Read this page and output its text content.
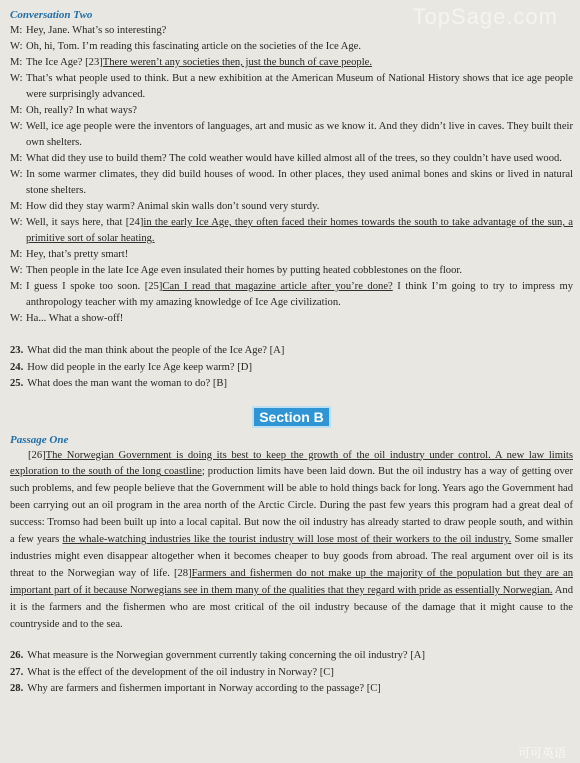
Conversation Two
M: Hey, Jane. What’s so interesting?
W: Oh, hi, Tom. I’m reading this fascinating article on the societies of the Ice Age.
M: The Ice Age? [23]There weren’t any societies then, just the bunch of cave people.
W: That’s what people used to think. But a new exhibition at the American Museum of National History shows that ice age people were surprisingly advanced.
M: Oh, really? In what ways?
W: Well, ice age people were the inventors of languages, art and music as we know it. And they didn’t live in caves. They built their own shelters.
M: What did they use to build them? The cold weather would have killed almost all of the trees, so they couldn’t have used wood.
W: In some warmer climates, they did build houses of wood. In other places, they used animal bones and skins or lived in natural stone shelters.
M: How did they stay warm? Animal skin walls don’t sound very sturdy.
W: Well, it says here, that [24]in the early Ice Age, they often faced their homes towards the south to take advantage of the sun, a primitive sort of solar heating.
M: Hey, that’s pretty smart!
W: Then people in the late Ice Age even insulated their homes by putting heated cobblestones on the floor.
M: I guess I spoke too soon. [25]Can I read that magazine article after you’re done? I think I’m going to try to impress my anthropology teacher with my amazing knowledge of Ice Age civilization.
W: Ha... What a show-off!
23. What did the man think about the people of the Ice Age? [A]
24. How did people in the early Ice Age keep warm? [D]
25. What does the man want the woman to do? [B]
Section B
Passage One

[26]The Norwegian Government is doing its best to keep the growth of the oil industry under control. A new law limits exploration to the south of the long coastline; production limits have been laid down. But the oil industry has a way of getting over such problems, and few people believe that the Government will be able to hold things back for long. Years ago the Government had been carrying out an oil program in the area north of the Arctic Circle. During the past few years this program had a great deal of success: Tromso had been built up into a local capital. But now the oil industry has already started to draw people south, and within a few years the whale-watching industries like the tourist industry will lose most of their workers to the oil industry. Some smaller industries might even disappear altogether when it becomes cheaper to buy goods from abroad. The real argument over oil is its threat to the Norwegian way of life. [28]Farmers and fishermen do not make up the majority of the population but they are an important part of it because Norwegians see in them many of the qualities that they regard with pride as essentially Norwegian. And it is the farmers and the fishermen who are most critical of the oil industry because of the damage that it might cause to the countryside and to the sea.

26. What measure is the Norwegian government currently taking concerning the oil industry? [A]
27. What is the effect of the development of the oil industry in Norway? [C]
28. Why are farmers and fishermen important in Norway according to the passage? [C]
TopSage.com
可可英语
